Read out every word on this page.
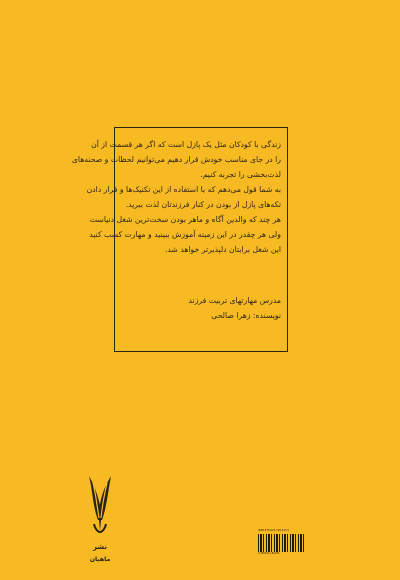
زندگی با کودکان مثل یک پازل است که اگر هر قسمت از آن

را در جای مناسب خودش قرار دهیم می‌توانیم لحظات و صحنه‌های

لذت‌بخشی را تجربه کنیم.

به شما قول می‌دهم که با استفاده از این تکنیک‌ها و قرار دادن

تکه‌های پازل از بودن در کنار فرزندتان لذت ببرید.

هر چند که والدین آگاه و ماهر بودن سخت‌ترین شغل دنیاست

ولی هر چقدر در این زمینه آموزش ببینید و مهارت کسب کنید

این شغل برایتان دلپذیرتر خواهد شد.

مدرس مهارتهای تربیت فرزند

نویسنده: زهرا صالحی

نشر
ماهیان
ISBN:978-622-318-219-5
9 786223 182195
